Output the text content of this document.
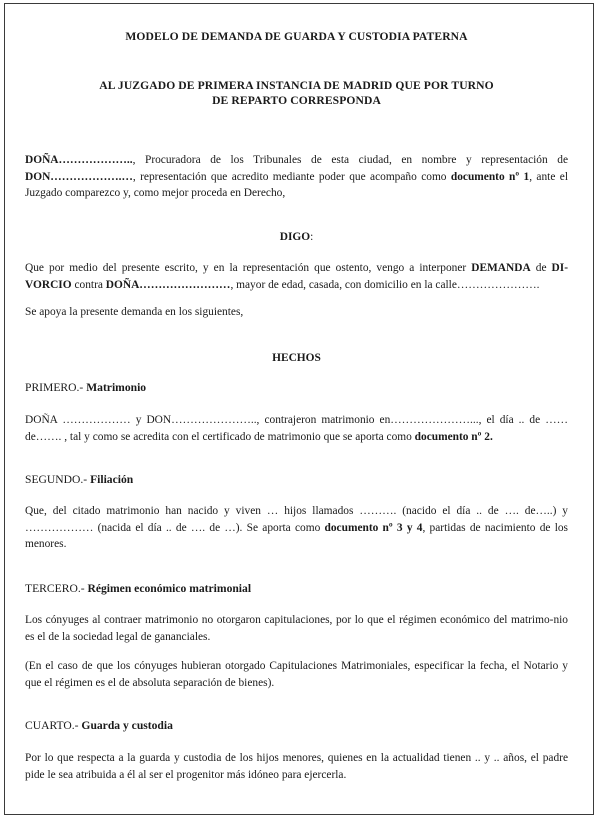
MODELO DE DEMANDA DE GUARDA Y CUSTODIA PATERNA
AL JUZGADO DE PRIMERA INSTANCIA DE MADRID QUE POR TURNO
DE REPARTO CORRESPONDA
DOÑA……………….., Procuradora de los Tribunales de esta ciudad, en nombre y representación de DON……………….…, representación que acredito mediante poder que acompaño como documento nº 1, ante el Juzgado comparezco y, como mejor proceda en Derecho,
DIGO:
Que por medio del presente escrito, y en la representación que ostento, vengo a interponer DEMANDA de DI-VORCIO contra DOÑA……………………, mayor de edad, casada, con domicilio en la calle………………….
Se apoya la presente demanda en los siguientes,
HECHOS
PRIMERO.- Matrimonio
DOÑA ……………… y DON………………….., contrajeron matrimonio en…………………..., el día .. de …… de……. , tal y como se acredita con el certificado de matrimonio que se aporta como documento nº 2.
SEGUNDO.- Filiación
Que, del citado matrimonio han nacido y viven … hijos llamados ………. (nacido el día .. de …. de…..) y ……………… (nacida el día .. de …. de …). Se aporta como documento nº 3 y 4, partidas de nacimiento de los menores.
TERCERO.- Régimen económico matrimonial
Los cónyuges al contraer matrimonio no otorgaron capitulaciones, por lo que el régimen económico del matrimo-nio es el de la sociedad legal de gananciales.
(En el caso de que los cónyuges hubieran otorgado Capitulaciones Matrimoniales, especificar la fecha, el Notario y que el régimen es el de absoluta separación de bienes).
CUARTO.- Guarda y custodia
Por lo que respecta a la guarda y custodia de los hijos menores, quienes en la actualidad tienen .. y .. años, el padre pide le sea atribuida a él al ser el progenitor más idóneo para ejercerla.
